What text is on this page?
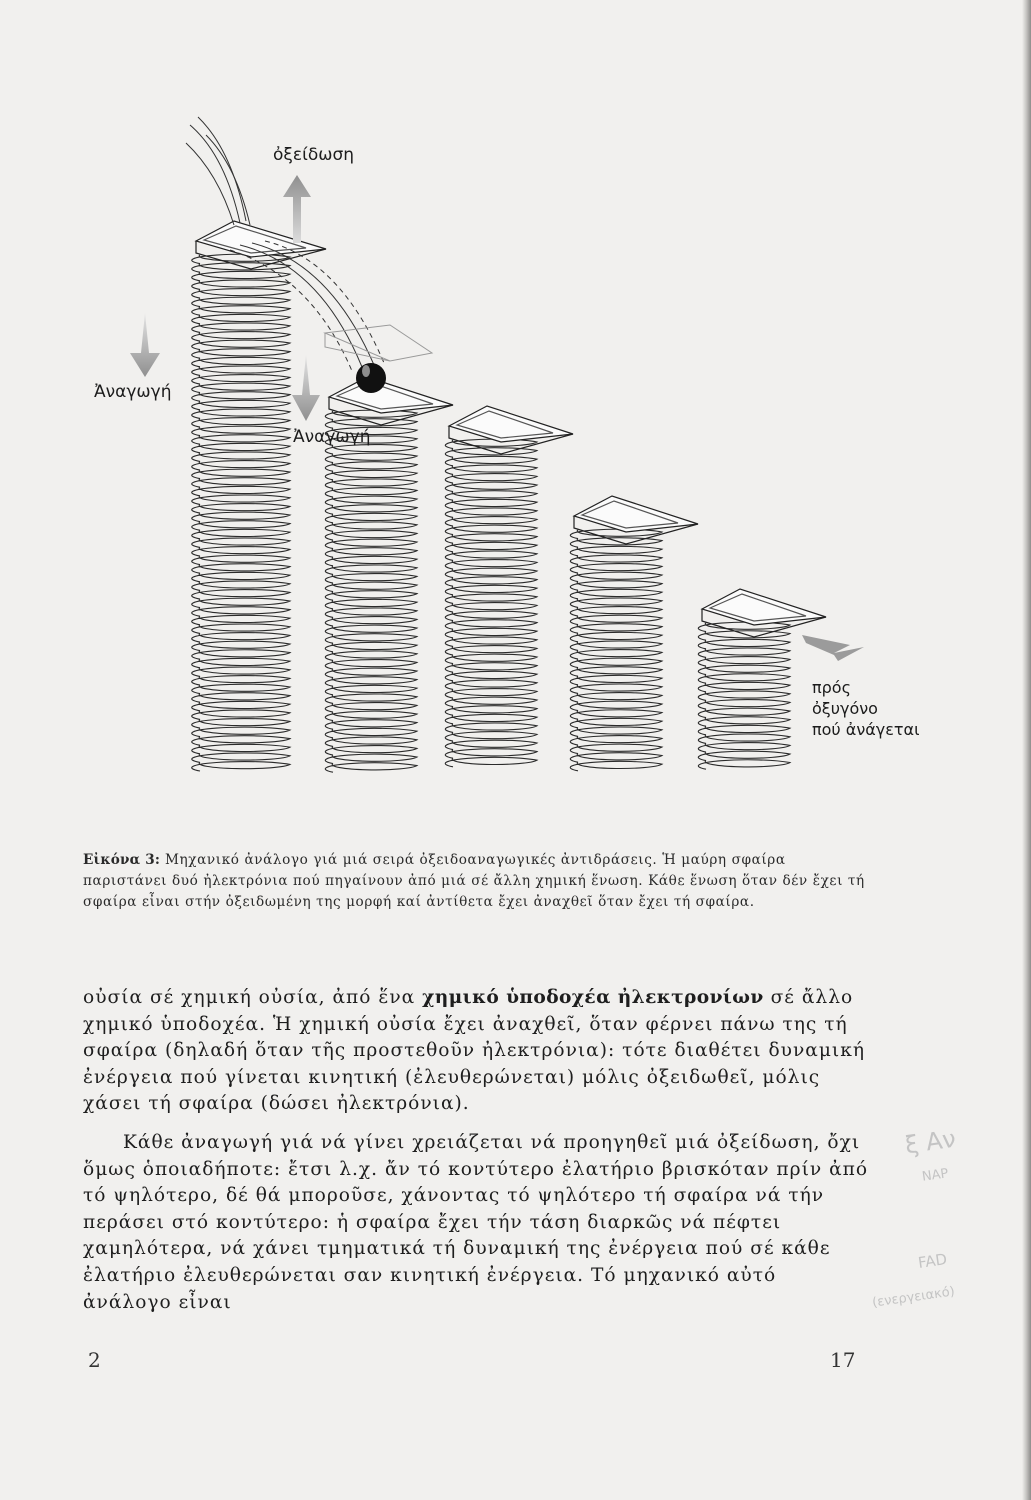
ὀξείδωση
Ἀναγωγή
Ἀναγωγή
πρός
ὀξυγόνο
πού ἀνάγεται

Εἰκόνα 3: Μηχανικό ἀνάλογο γιά μιά σειρά ὀξειδοαναγωγικές ἀντιδράσεις. Ἡ μαύρη σφαίρα παριστάνει δυό ἠλεκτρόνια πού πηγαίνουν ἀπό μιά σέ ἄλλη χημική ἕνωση. Κάθε ἕνωση ὅταν δέν ἔχει τή σφαίρα εἶναι στήν ὀξειδωμένη της μορφή καί ἀντίθετα ἔχει ἀναχθεῖ ὅταν ἔχει τή σφαίρα.

οὐσία σέ χημική οὐσία, ἀπό ἕνα χημικό ὑποδοχέα ἠλεκτρονίων σέ ἄλλο χημικό ὑποδοχέα. Ἡ χημική οὐσία ἔχει ἀναχθεῖ, ὅταν φέρνει πάνω της τή σφαίρα (δηλαδή ὅταν τῆς προστεθοῦν ἠλεκτρόνια): τότε διαθέτει δυναμική ἐνέργεια πού γίνεται κινητική (ἐλευθερώνεται) μόλις ὀξειδωθεῖ, μόλις χάσει τή σφαίρα (δώσει ἠλεκτρόνια).

Κάθε ἀναγωγή γιά νά γίνει χρειάζεται νά προηγηθεῖ μιά ὀξείδωση, ὄχι ὅμως ὁποιαδήποτε: ἔτσι λ.χ. ἄν τό κοντύτερο ἐλατήριο βρισκόταν πρίν ἀπό τό ψηλότερο, δέ θά μποροῦσε, χάνοντας τό ψηλότερο τή σφαίρα νά τήν περάσει στό κοντύτερο: ἡ σφαίρα ἔχει τήν τάση διαρκῶς νά πέφτει χαμηλότερα, νά χάνει τμηματικά τή δυναμική της ἐνέργεια πού σέ κάθε ἐλατήριο ἐλευθερώνεται σαν κινητική ἐνέργεια. Τό μηχανικό αὐτό ἀνάλογο εἶναι

2	17

ξ Αν

ΝΑΡ

FAD

(ενεργειακό)
